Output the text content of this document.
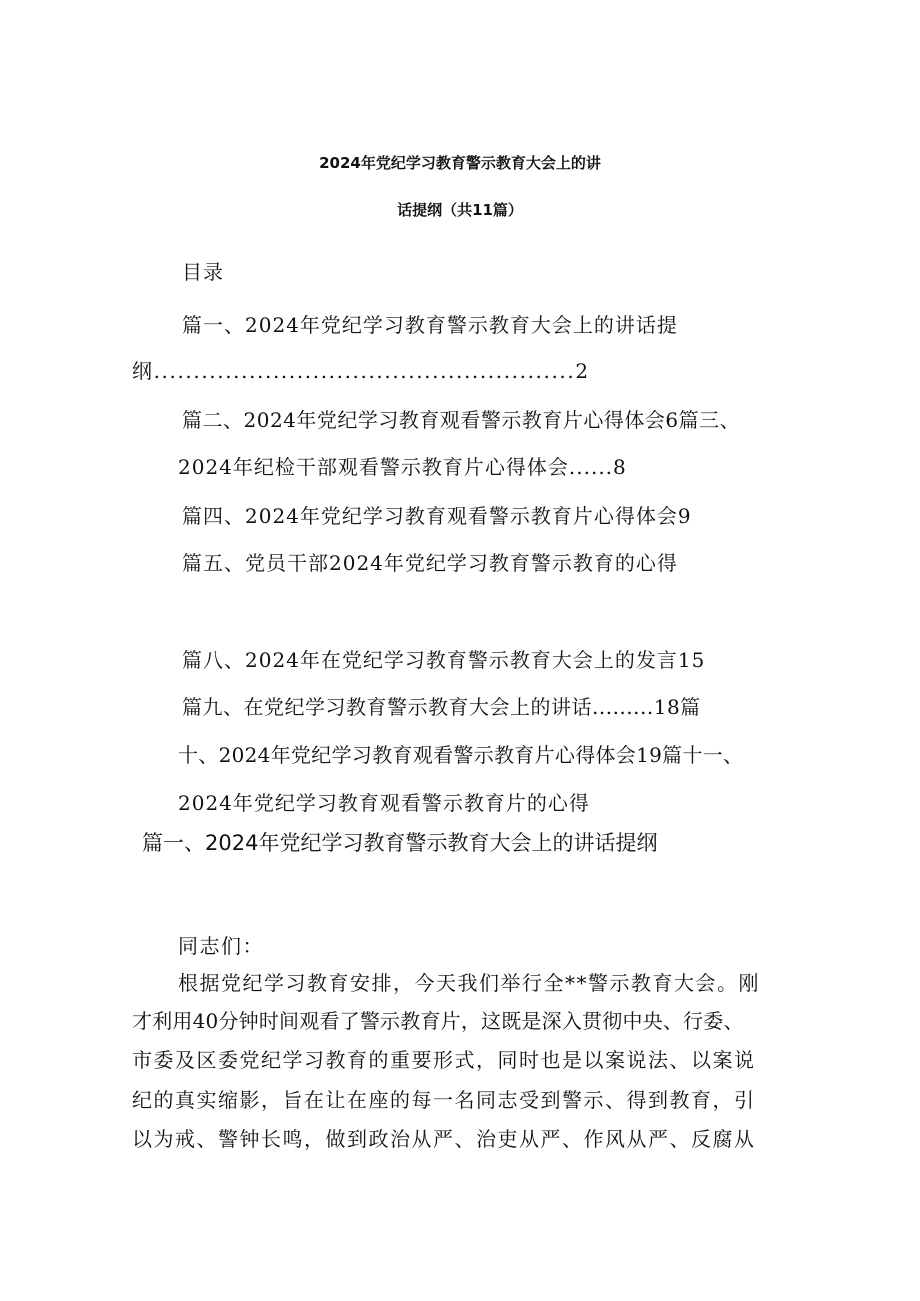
2024年党纪学习教育警示教育大会上的讲
话提纲（共11篇）
目录
篇一、2024年党纪学习教育警示教育大会上的讲话提
纲.....................................................2
篇二、2024年党纪学习教育观看警示教育片心得体会6篇三、
2024年纪检干部观看警示教育片心得体会......8
篇四、2024年党纪学习教育观看警示教育片心得体会9
篇五、党员干部2024年党纪学习教育警示教育的心得
篇八、2024年在党纪学习教育警示教育大会上的发言15
篇九、在党纪学习教育警示教育大会上的讲话.........18篇
十、2024年党纪学习教育观看警示教育片心得体会19篇十一、
2024年党纪学习教育观看警示教育片的心得
篇一、2024年党纪学习教育警示教育大会上的讲话提纲
同志们：
根据党纪学习教育安排，今天我们举行全**警示教育大会。刚
才利用40分钟时间观看了警示教育片，这既是深入贯彻中央、行委、
市委及区委党纪学习教育的重要形式，同时也是以案说法、以案说
纪的真实缩影，旨在让在座的每一名同志受到警示、得到教育，引
以为戒、警钟长鸣，做到政治从严、治吏从严、作风从严、反腐从
